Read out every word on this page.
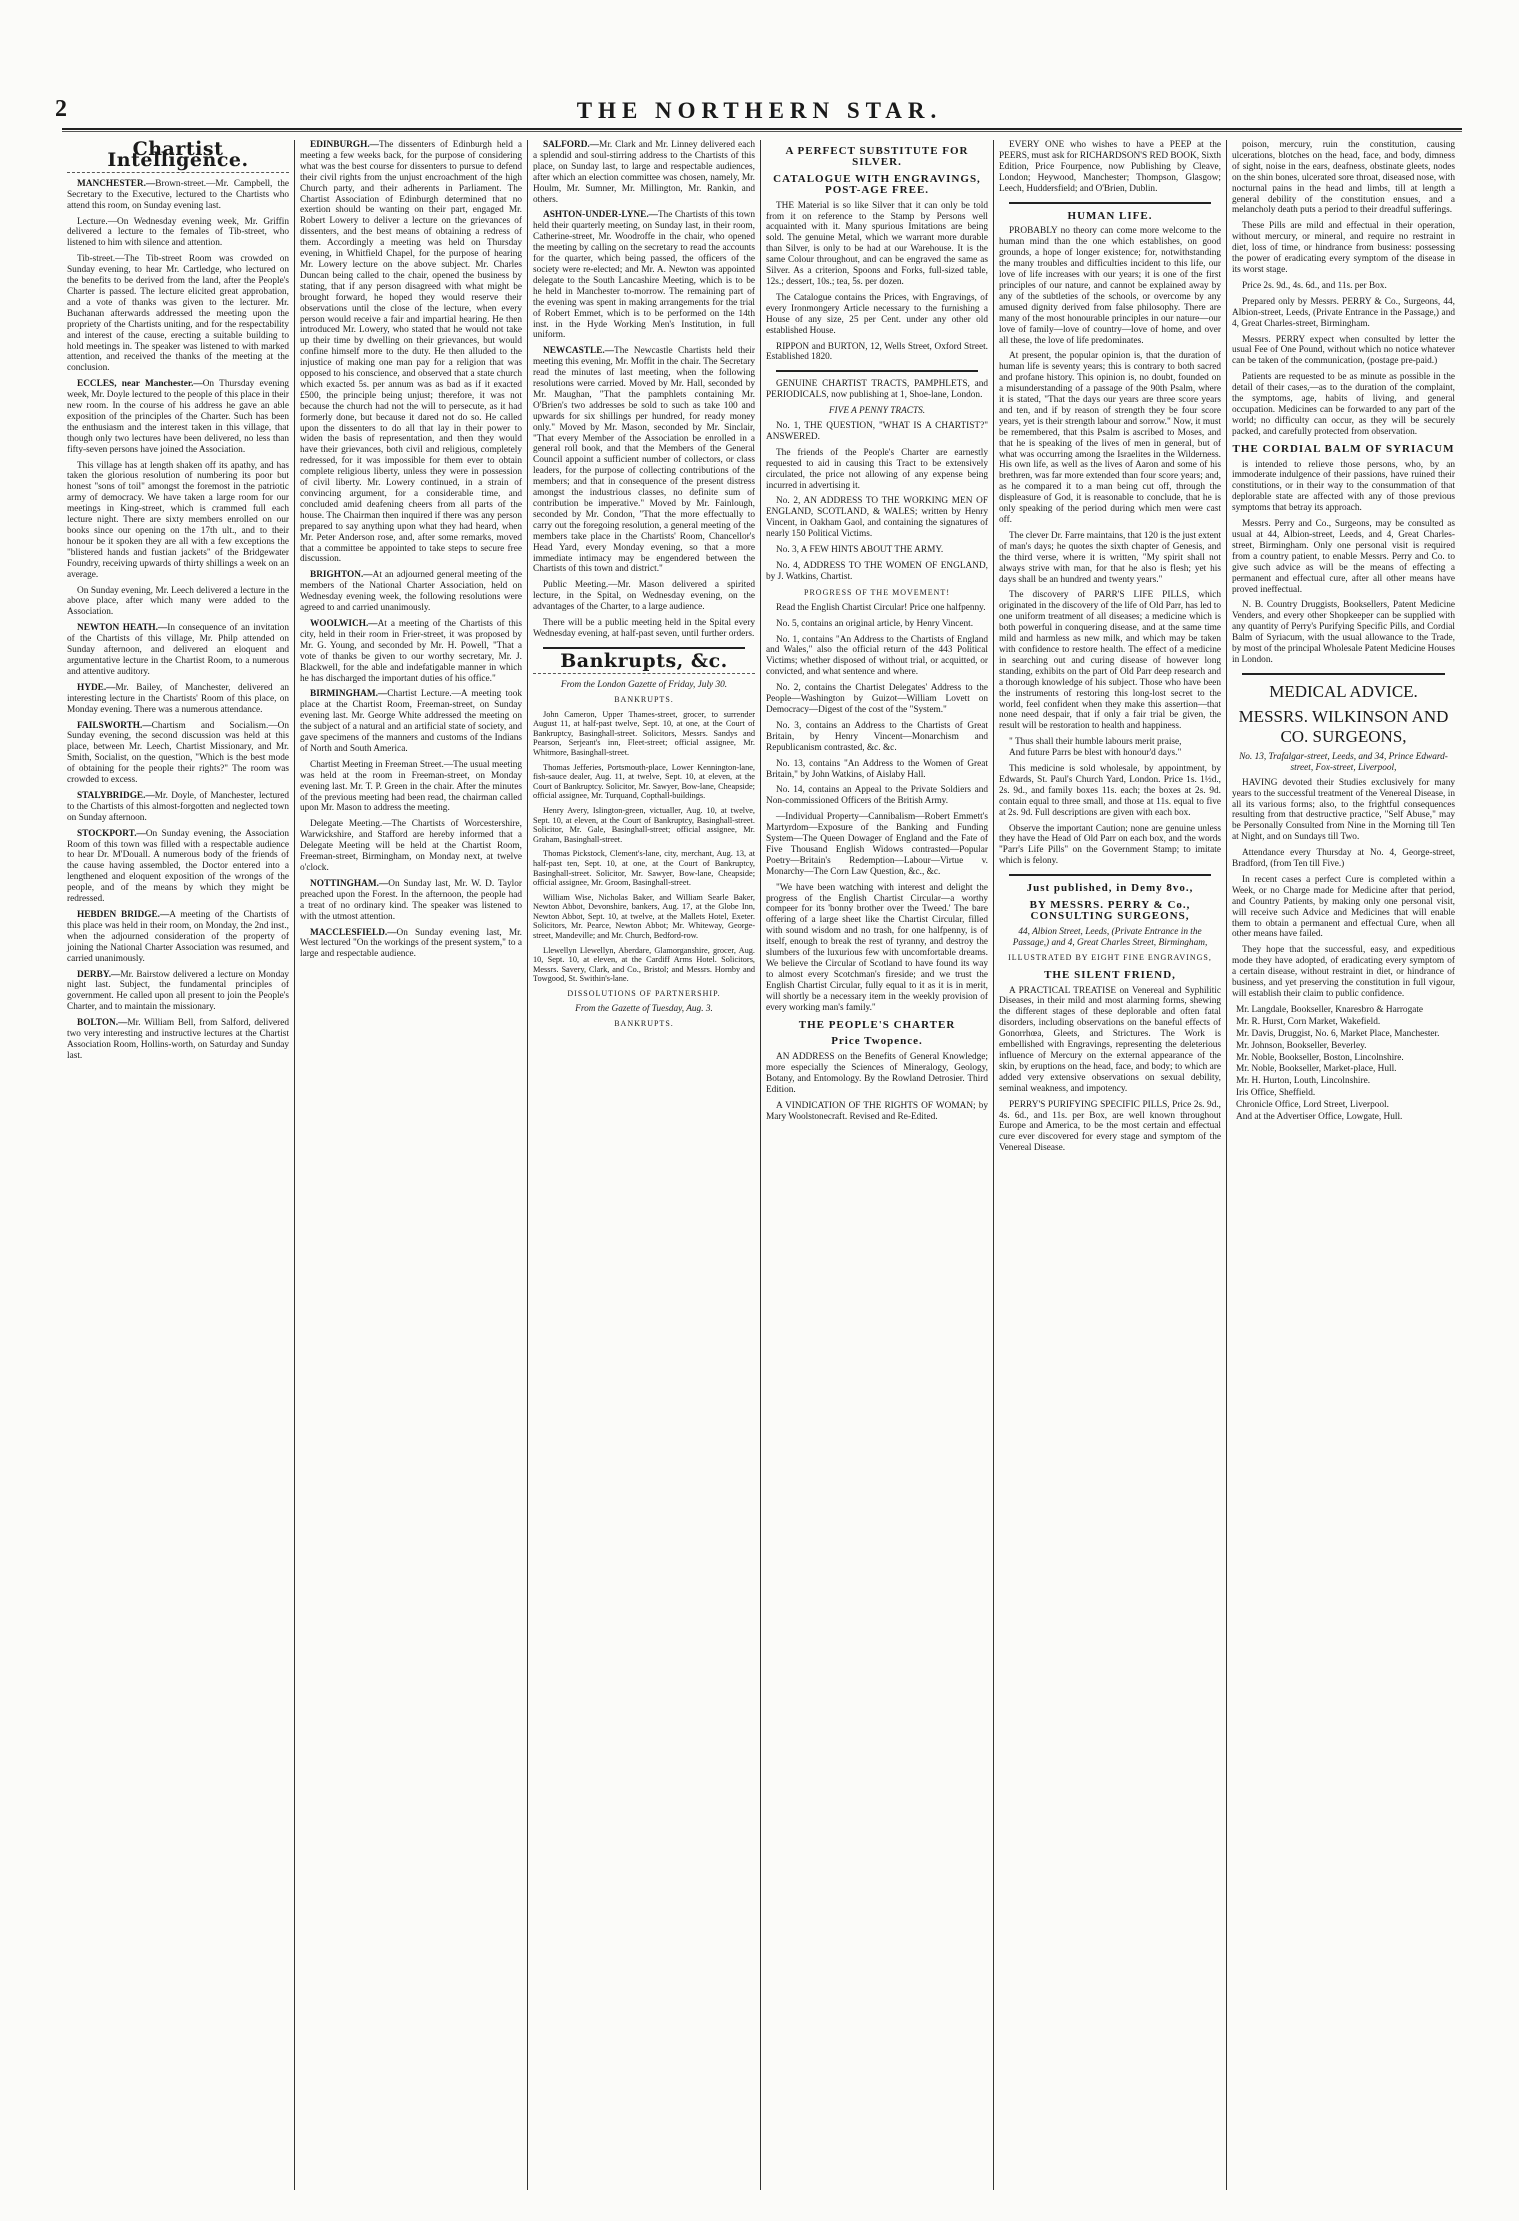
2	THE NORTHERN STAR.
Chartist Intelligence.
MANCHESTER.—Brown-street.—Mr. Campbell, the Secretary to the Executive, lectured to the Chartists who attend this room, on Sunday evening last.
Lecture.—On Wednesday evening week, Mr. Griffin delivered a lecture to the females of Tib-street, who listened to him with silence and attention.
Tib-street.—The Tib-street Room was crowded on Sunday evening, to hear Mr. Cartledge, who lectured on the benefits to be derived from the land, after the People's Charter is passed. The lecture elicited great approbation, and a vote of thanks was given to the lecturer. Mr. Buchanan afterwards addressed the meeting upon the propriety of the Chartists uniting, and for the respectability and interest of the cause, erecting a suitable building to hold meetings in. The speaker was listened to with marked attention, and received the thanks of the meeting at the conclusion.
ECCLES, near Manchester.—On Thursday evening week, Mr. Doyle lectured to the people of this place in their new room. In the course of his address he gave an able exposition of the principles of the Charter. Such has been the enthusiasm and the interest taken in this village, that though only two lectures have been delivered, no less than fifty-seven persons have joined the Association.
This village has at length shaken off its apathy, and has taken the glorious resolution of numbering its poor but honest "sons of toil" amongst the foremost in the patriotic army of democracy. We have taken a large room for our meetings in King-street, which is crammed full each lecture night. There are sixty members enrolled on our books since our opening on the 17th ult., and to their honour be it spoken they are all with a few exceptions the "blistered hands and fustian jackets" of the Bridgewater Foundry, receiving upwards of thirty shillings a week on an average.
On Sunday evening, Mr. Leech delivered a lecture in the above place, after which many were added to the Association.
NEWTON HEATH.—In consequence of an invitation of the Chartists of this village, Mr. Philp attended on Sunday afternoon, and delivered an eloquent and argumentative lecture in the Chartist Room, to a numerous and attentive auditory.
HYDE.—Mr. Bailey, of Manchester, delivered an interesting lecture in the Chartists' Room of this place, on Monday evening. There was a numerous attendance.
FAILSWORTH.—Chartism and Socialism.—On Sunday evening, the second discussion was held at this place, between Mr. Leech, Chartist Missionary, and Mr. Smith, Socialist, on the question, "Which is the best mode of obtaining for the people their rights?" The room was crowded to excess.
STALYBRIDGE.—Mr. Doyle, of Manchester, lectured to the Chartists of this almost-forgotten and neglected town on Sunday afternoon.
STOCKPORT.—On Sunday evening, the Association Room of this town was filled with a respectable audience to hear Dr. M'Douall. A numerous body of the friends of the cause having assembled, the Doctor entered into a lengthened and eloquent exposition of the wrongs of the people, and of the means by which they might be redressed.
HEBDEN BRIDGE.—A meeting of the Chartists of this place was held in their room, on Monday, the 2nd inst., when the adjourned consideration of the property of joining the National Charter Association was resumed, and carried unanimously.
DERBY.—Mr. Bairstow delivered a lecture on Monday night last. Subject, the fundamental principles of government. He called upon all present to join the People's Charter, and to maintain the missionary.
BOLTON.—Mr. William Bell, from Salford, delivered two very interesting and instructive lectures at the Chartist Association Room, Hollins-worth, on Saturday and Sunday last.
EDINBURGH.—The dissenters of Edinburgh held a meeting a few weeks back, for the purpose of considering what was the best course for dissenters to pursue to defend their civil rights from the unjust encroachment of the high Church party, and their adherents in Parliament. The Chartist Association of Edinburgh determined that no exertion should be wanting on their part, engaged Mr. Robert Lowery to deliver a lecture on the grievances of dissenters, and the best means of obtaining a redress of them. Accordingly a meeting was held on Thursday evening, in Whitfield Chapel, for the purpose of hearing Mr. Lowery lecture on the above subject. Mr. Charles Duncan being called to the chair, opened the business by stating, that if any person disagreed with what might be brought forward, he hoped they would reserve their observations until the close of the lecture, when every person would receive a fair and impartial hearing. He then introduced Mr. Lowery, who stated that he would not take up their time by dwelling on their grievances, but would confine himself more to the duty. He then alluded to the injustice of making one man pay for a religion that was opposed to his conscience, and observed that a state church which exacted 5s. per annum was as bad as if it exacted £500, the principle being unjust; therefore, it was not because the church had not the will to persecute, as it had formerly done, but because it dared not do so. He called upon the dissenters to do all that lay in their power to widen the basis of representation, and then they would have their grievances, both civil and religious, completely redressed, for it was impossible for them ever to obtain complete religious liberty, unless they were in possession of civil liberty. Mr. Lowery continued, in a strain of convincing argument, for a considerable time, and concluded amid deafening cheers from all parts of the house. The Chairman then inquired if there was any person prepared to say anything upon what they had heard, when Mr. Peter Anderson rose, and, after some remarks, moved that a committee be appointed to take steps to secure free discussion.
BRIGHTON.—At an adjourned general meeting of the members of the National Charter Association, held on Wednesday evening week, the following resolutions were agreed to and carried unanimously.
WOOLWICH.—At a meeting of the Chartists of this city, held in their room in Frier-street, it was proposed by Mr. G. Young, and seconded by Mr. H. Powell, "That a vote of thanks be given to our worthy secretary, Mr. J. Blackwell, for the able and indefatigable manner in which he has discharged the important duties of his office."
BIRMINGHAM.—Chartist Lecture.—A meeting took place at the Chartist Room, Freeman-street, on Sunday evening last. Mr. George White addressed the meeting on the subject of a natural and an artificial state of society, and gave specimens of the manners and customs of the Indians of North and South America.
Chartist Meeting in Freeman Street.—The usual meeting was held at the room in Freeman-street, on Monday evening last. Mr. T. P. Green in the chair. After the minutes of the previous meeting had been read, the chairman called upon Mr. Mason to address the meeting.
Delegate Meeting.—The Chartists of Worcestershire, Warwickshire, and Stafford are hereby informed that a Delegate Meeting will be held at the Chartist Room, Freeman-street, Birmingham, on Monday next, at twelve o'clock.
NOTTINGHAM.—On Sunday last, Mr. W. D. Taylor preached upon the Forest. In the afternoon, the people had a treat of no ordinary kind. The speaker was listened to with the utmost attention.
MACCLESFIELD.—On Sunday evening last, Mr. West lectured "On the workings of the present system," to a large and respectable audience.
SALFORD.—Mr. Clark and Mr. Linney delivered each a splendid and soul-stirring address to the Chartists of this place, on Sunday last, to large and respectable audiences, after which an election committee was chosen, namely, Mr. Houlm, Mr. Sumner, Mr. Millington, Mr. Rankin, and others.
ASHTON-UNDER-LYNE.—The Chartists of this town held their quarterly meeting, on Sunday last, in their room, Catherine-street, Mr. Woodroffe in the chair, who opened the meeting by calling on the secretary to read the accounts for the quarter, which being passed, the officers of the society were re-elected; and Mr. A. Newton was appointed delegate to the South Lancashire Meeting, which is to be he held in Manchester to-morrow. The remaining part of the evening was spent in making arrangements for the trial of Robert Emmet, which is to be performed on the 14th inst. in the Hyde Working Men's Institution, in full uniform.
NEWCASTLE.—The Newcastle Chartists held their meeting this evening, Mr. Moffit in the chair. The Secretary read the minutes of last meeting, when the following resolutions were carried. Moved by Mr. Hall, seconded by Mr. Maughan, "That the pamphlets containing Mr. O'Brien's two addresses be sold to such as take 100 and upwards for six shillings per hundred, for ready money only." Moved by Mr. Mason, seconded by Mr. Sinclair, "That every Member of the Association be enrolled in a general roll book, and that the Members of the General Council appoint a sufficient number of collectors, or class leaders, for the purpose of collecting contributions of the members; and that in consequence of the present distress amongst the industrious classes, no definite sum of contribution be imperative." Moved by Mr. Fainlough, seconded by Mr. Condon, "That the more effectually to carry out the foregoing resolution, a general meeting of the members take place in the Chartists' Room, Chancellor's Head Yard, every Monday evening, so that a more immediate intimacy may be engendered between the Chartists of this town and district."
Public Meeting.—Mr. Mason delivered a spirited lecture, in the Spital, on Wednesday evening, on the advantages of the Charter, to a large audience.
There will be a public meeting held in the Spital every Wednesday evening, at half-past seven, until further orders.
Bankrupts, &c.
From the London Gazette of Friday, July 30.
BANKRUPTS.
John Cameron, Upper Thames-street, grocer, to surrender August 11, at half-past twelve, Sept. 10, at one, at the Court of Bankruptcy, Basinghall-street. Solicitors, Messrs. Sandys and Pearson, Serjeant's inn, Fleet-street; official assignee, Mr. Whitmore, Basinghall-street.
Thomas Jefferies, Portsmouth-place, Lower Kennington-lane, fish-sauce dealer, Aug. 11, at twelve, Sept. 10, at eleven, at the Court of Bankruptcy. Solicitor, Mr. Sawyer, Bow-lane, Cheapside; official assignee, Mr. Turquand, Copthall-buildings.
Henry Avery, Islington-green, victualler, Aug. 10, at twelve, Sept. 10, at eleven, at the Court of Bankruptcy, Basinghall-street. Solicitor, Mr. Gale, Basinghall-street; official assignee, Mr. Graham, Basinghall-street.
Thomas Pickstock, Clement's-lane, city, merchant, Aug. 13, at half-past ten, Sept. 10, at one, at the Court of Bankruptcy, Basinghall-street. Solicitor, Mr. Sawyer, Bow-lane, Cheapside; official assignee, Mr. Groom, Basinghall-street.
William Wise, Nicholas Baker, and William Searle Baker, Newton Abbot, Devonshire, bankers, Aug. 17, at the Globe Inn, Newton Abbot, Sept. 10, at twelve, at the Mallets Hotel, Exeter. Solicitors, Mr. Pearce, Newton Abbot; Mr. Whiteway, George-street, Mandeville; and Mr. Church, Bedford-row.
Llewellyn Llewellyn, Aberdare, Glamorganshire, grocer, Aug. 10, Sept. 10, at eleven, at the Cardiff Arms Hotel. Solicitors, Messrs. Savery, Clark, and Co., Bristol; and Messrs. Hornby and Towgood, St. Swithin's-lane.
DISSOLUTIONS OF PARTNERSHIP.
From the Gazette of Tuesday, Aug. 3.
BANKRUPTS.
A PERFECT SUBSTITUTE FOR SILVER.
CATALOGUE WITH ENGRAVINGS, POST-AGE FREE.
THE Material is so like Silver that it can only be told from it on reference to the Stamp by Persons well acquainted with it. Many spurious Imitations are being sold. The genuine Metal, which we warrant more durable than Silver, is only to be had at our Warehouse. It is the same Colour throughout, and can be engraved the same as Silver. As a criterion, Spoons and Forks, full-sized table, 12s.; dessert, 10s.; tea, 5s. per dozen.
The Catalogue contains the Prices, with Engravings, of every Ironmongery Article necessary to the furnishing a House of any size, 25 per Cent. under any other old established House.
RIPPON and BURTON, 12, Wells Street, Oxford Street. Established 1820.
GENUINE CHARTIST TRACTS, PAMPHLETS, and PERIODICALS, now publishing at 1, Shoe-lane, London.
FIVE A PENNY TRACTS.
No. 1, THE QUESTION, "WHAT IS A CHARTIST?" ANSWERED.
The friends of the People's Charter are earnestly requested to aid in causing this Tract to be extensively circulated, the price not allowing of any expense being incurred in advertising it.
No. 2, AN ADDRESS TO THE WORKING MEN OF ENGLAND, SCOTLAND, & WALES; written by Henry Vincent, in Oakham Gaol, and containing the signatures of nearly 150 Political Victims.
No. 3, A FEW HINTS ABOUT THE ARMY.
No. 4, ADDRESS TO THE WOMEN OF ENGLAND, by J. Watkins, Chartist.
PROGRESS OF THE MOVEMENT!
Read the English Chartist Circular! Price one halfpenny.
No. 5, contains an original article, by Henry Vincent.
No. 1, contains "An Address to the Chartists of England and Wales," also the official return of the 443 Political Victims; whether disposed of without trial, or acquitted, or convicted, and what sentence and where.
No. 2, contains the Chartist Delegates' Address to the People—Washington by Guizot—William Lovett on Democracy—Digest of the cost of the "System."
No. 3, contains an Address to the Chartists of Great Britain, by Henry Vincent—Monarchism and Republicanism contrasted, &c. &c.
No. 13, contains "An Address to the Women of Great Britain," by John Watkins, of Aislaby Hall.
No. 14, contains an Appeal to the Private Soldiers and Non-commissioned Officers of the British Army.
—Individual Property—Cannibalism—Robert Emmett's Martyrdom—Exposure of the Banking and Funding System—The Queen Dowager of England and the Fate of Five Thousand English Widows contrasted—Popular Poetry—Britain's Redemption—Labour—Virtue v. Monarchy—The Corn Law Question, &c., &c.
"We have been watching with interest and delight the progress of the English Chartist Circular—a worthy compeer for its 'bonny brother over the Tweed.' The bare offering of a large sheet like the Chartist Circular, filled with sound wisdom and no trash, for one halfpenny, is of itself, enough to break the rest of tyranny, and destroy the slumbers of the luxurious few with uncomfortable dreams. We believe the Circular of Scotland to have found its way to almost every Scotchman's fireside; and we trust the English Chartist Circular, fully equal to it as it is in merit, will shortly be a necessary item in the weekly provision of every working man's family."
THE PEOPLE'S CHARTER
Price Twopence.
AN ADDRESS on the Benefits of General Knowledge; more especially the Sciences of Mineralogy, Geology, Botany, and Entomology. By the Rowland Detrosier. Third Edition.
A VINDICATION OF THE RIGHTS OF WOMAN; by Mary Woolstonecraft. Revised and Re-Edited.
EVERY ONE who wishes to have a PEEP at the PEERS, must ask for RICHARDSON'S RED BOOK, Sixth Edition, Price Fourpence, now Publishing by Cleave, London; Heywood, Manchester; Thompson, Glasgow; Leech, Huddersfield; and O'Brien, Dublin.
HUMAN LIFE.
PROBABLY no theory can come more welcome to the human mind than the one which establishes, on good grounds, a hope of longer existence; for, notwithstanding the many troubles and difficulties incident to this life, our love of life increases with our years; it is one of the first principles of our nature, and cannot be explained away by any of the subtleties of the schools, or overcome by any amused dignity derived from false philosophy. There are many of the most honourable principles in our nature—our love of family—love of country—love of home, and over all these, the love of life predominates.
At present, the popular opinion is, that the duration of human life is seventy years; this is contrary to both sacred and profane history. This opinion is, no doubt, founded on a misunderstanding of a passage of the 90th Psalm, where it is stated, "That the days our years are three score years and ten, and if by reason of strength they be four score years, yet is their strength labour and sorrow." Now, it must be remembered, that this Psalm is ascribed to Moses, and that he is speaking of the lives of men in general, but of what was occurring among the Israelites in the Wilderness. His own life, as well as the lives of Aaron and some of his brethren, was far more extended than four score years; and, as he compared it to a man being cut off, through the displeasure of God, it is reasonable to conclude, that he is only speaking of the period during which men were cast off.
The clever Dr. Farre maintains, that 120 is the just extent of man's days; he quotes the sixth chapter of Genesis, and the third verse, where it is written, "My spirit shall not always strive with man, for that he also is flesh; yet his days shall be an hundred and twenty years."
The discovery of PARR'S LIFE PILLS, which originated in the discovery of the life of Old Parr, has led to one uniform treatment of all diseases; a medicine which is both powerful in conquering disease, and at the same time mild and harmless as new milk, and which may be taken with confidence to restore health. The effect of a medicine in searching out and curing disease of however long standing, exhibits on the part of Old Parr deep research and a thorough knowledge of his subject. Those who have been the instruments of restoring this long-lost secret to the world, feel confident when they make this assertion—that none need despair, that if only a fair trial be given, the result will be restoration to health and happiness.
" Thus shall their humble labours merit praise,
And future Parrs be blest with honour'd days."
This medicine is sold wholesale, by appointment, by Edwards, St. Paul's Church Yard, London. Price 1s. 1½d., 2s. 9d., and family boxes 11s. each; the boxes at 2s. 9d. contain equal to three small, and those at 11s. equal to five at 2s. 9d. Full descriptions are given with each box.
Observe the important Caution; none are genuine unless they have the Head of Old Parr on each box, and the words "Parr's Life Pills" on the Government Stamp; to imitate which is felony.
Just published, in Demy 8vo.,
BY MESSRS. PERRY & Co., CONSULTING SURGEONS,
44, Albion Street, Leeds, (Private Entrance in the Passage,) and 4, Great Charles Street, Birmingham,
ILLUSTRATED BY EIGHT FINE ENGRAVINGS,
THE SILENT FRIEND,
A PRACTICAL TREATISE on Venereal and Syphilitic Diseases, in their mild and most alarming forms, shewing the different stages of these deplorable and often fatal disorders, including observations on the baneful effects of Gonorrhœa, Gleets, and Strictures. The Work is embellished with Engravings, representing the deleterious influence of Mercury on the external appearance of the skin, by eruptions on the head, face, and body; to which are added very extensive observations on sexual debility, seminal weakness, and impotency.
PERRY'S PURIFYING SPECIFIC PILLS, Price 2s. 9d., 4s. 6d., and 11s. per Box, are well known throughout Europe and America, to be the most certain and effectual cure ever discovered for every stage and symptom of the Venereal Disease.
poison, mercury, ruin the constitution, causing ulcerations, blotches on the head, face, and body, dimness of sight, noise in the ears, deafness, obstinate gleets, nodes on the shin bones, ulcerated sore throat, diseased nose, with nocturnal pains in the head and limbs, till at length a general debility of the constitution ensues, and a melancholy death puts a period to their dreadful sufferings.
These Pills are mild and effectual in their operation, without mercury, or mineral, and require no restraint in diet, loss of time, or hindrance from business: possessing the power of eradicating every symptom of the disease in its worst stage.
Price 2s. 9d., 4s. 6d., and 11s. per Box.
Prepared only by Messrs. PERRY & Co., Surgeons, 44, Albion-street, Leeds, (Private Entrance in the Passage,) and 4, Great Charles-street, Birmingham.
Messrs. PERRY expect when consulted by letter the usual Fee of One Pound, without which no notice whatever can be taken of the communication, (postage pre-paid.)
Patients are requested to be as minute as possible in the detail of their cases,—as to the duration of the complaint, the symptoms, age, habits of living, and general occupation. Medicines can be forwarded to any part of the world; no difficulty can occur, as they will be securely packed, and carefully protected from observation.
THE CORDIAL BALM OF SYRIACUM
is intended to relieve those persons, who, by an immoderate indulgence of their passions, have ruined their constitutions, or in their way to the consummation of that deplorable state are affected with any of those previous symptoms that betray its approach.
Messrs. Perry and Co., Surgeons, may be consulted as usual at 44, Albion-street, Leeds, and 4, Great Charles-street, Birmingham. Only one personal visit is required from a country patient, to enable Messrs. Perry and Co. to give such advice as will be the means of effecting a permanent and effectual cure, after all other means have proved ineffectual.
N. B. Country Druggists, Booksellers, Patent Medicine Venders, and every other Shopkeeper can be supplied with any quantity of Perry's Purifying Specific Pills, and Cordial Balm of Syriacum, with the usual allowance to the Trade, by most of the principal Wholesale Patent Medicine Houses in London.
MEDICAL ADVICE.
MESSRS. WILKINSON AND CO. SURGEONS,
No. 13, Trafalgar-street, Leeds, and 34, Prince Edward-street, Fox-street, Liverpool,
HAVING devoted their Studies exclusively for many years to the successful treatment of the Venereal Disease, in all its various forms; also, to the frightful consequences resulting from that destructive practice, "Self Abuse," may be Personally Consulted from Nine in the Morning till Ten at Night, and on Sundays till Two.
Attendance every Thursday at No. 4, George-street, Bradford, (from Ten till Five.)
In recent cases a perfect Cure is completed within a Week, or no Charge made for Medicine after that period, and Country Patients, by making only one personal visit, will receive such Advice and Medicines that will enable them to obtain a permanent and effectual Cure, when all other means have failed.
They hope that the successful, easy, and expeditious mode they have adopted, of eradicating every symptom of a certain disease, without restraint in diet, or hindrance of business, and yet preserving the constitution in full vigour, will establish their claim to public confidence.
Mr. Langdale, Bookseller, Knaresbro & Harrogate
Mr. R. Hurst, Corn Market, Wakefield.
Mr. Davis, Druggist, No. 6, Market Place, Manchester.
Mr. Johnson, Bookseller, Beverley.
Mr. Noble, Bookseller, Boston, Lincolnshire.
Mr. Noble, Bookseller, Market-place, Hull.
Mr. H. Hurton, Louth, Lincolnshire.
Iris Office, Sheffield.
Chronicle Office, Lord Street, Liverpool.
And at the Advertiser Office, Lowgate, Hull.
